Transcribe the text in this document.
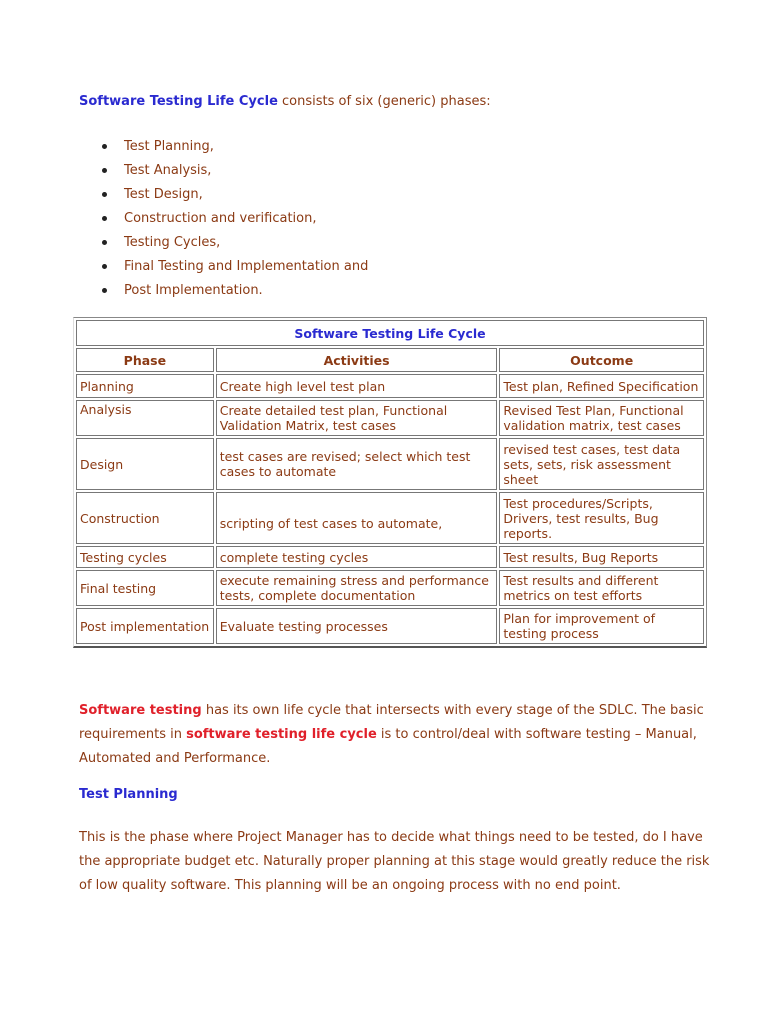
Software Testing Life Cycle consists of six (generic) phases:

Test Planning,
Test Analysis,
Test Design,
Construction and verification,
Testing Cycles,
Final Testing and Implementation and
Post Implementation.
Software Testing Life Cycle		
Phase	Activities	Outcome
Planning	Create high level test plan	Test plan, Refined Specification
Analysis	Create detailed test plan, Functional Validation Matrix, test cases	Revised Test Plan, Functional validation matrix, test cases
Design	test cases are revised; select which test cases to automate	revised test cases, test data sets, sets, risk assessment sheet
Construction	scripting of test cases to automate,	Test procedures/Scripts, Drivers, test results, Bug reports.
Testing cycles	complete testing cycles	Test results, Bug Reports
Final testing	execute remaining stress and performance tests, complete documentation	Test results and different metrics on test efforts
Post implementation	Evaluate testing processes	Plan for improvement of testing process

Software testing has its own life cycle that intersects with every stage of the SDLC. The basic requirements in software testing life cycle is to control/deal with software testing – Manual, Automated and Performance.

Test Planning

This is the phase where Project Manager has to decide what things need to be tested, do I have the appropriate budget etc. Naturally proper planning at this stage would greatly reduce the risk of low quality software. This planning will be an ongoing process with no end point.
